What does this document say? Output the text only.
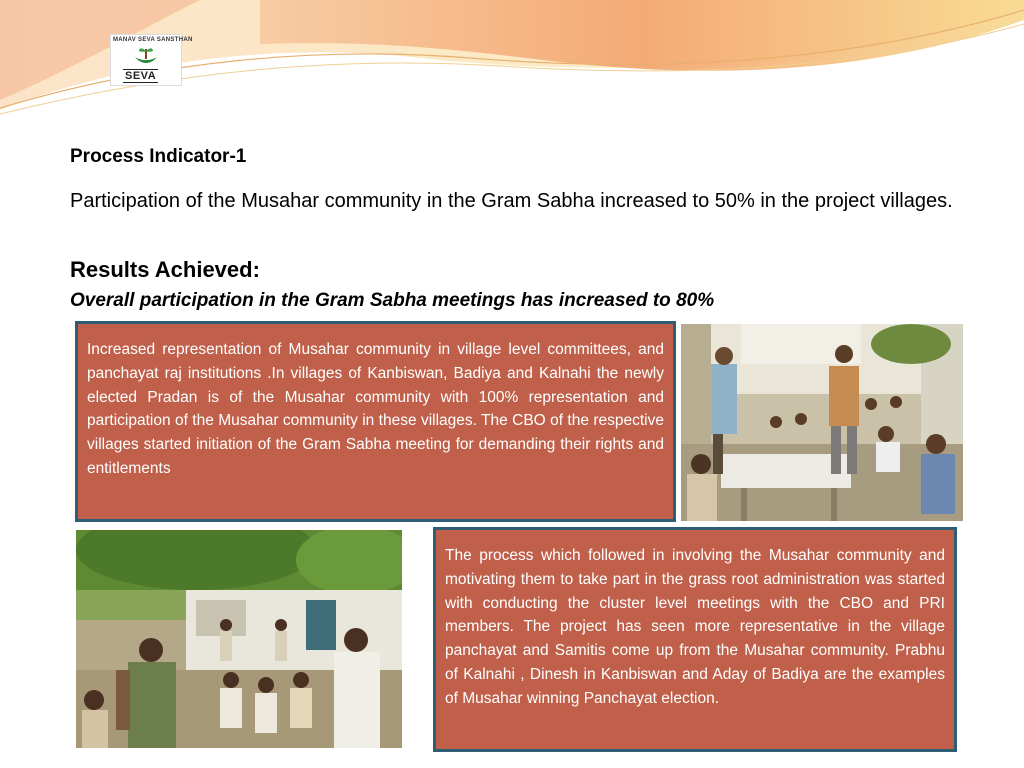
MANAV SEVA SANSTHAN
SEVA
Process Indicator-1
Participation of the Musahar community in the Gram Sabha increased to 50% in the project villages.
Results Achieved:
Overall participation in the Gram Sabha meetings has increased to 80%
Increased representation of Musahar community in village level committees, and panchayat raj institutions .In villages of Kanbiswan, Badiya and Kalnahi the newly elected Pradan is of the Musahar community with 100% representation and participation of the Musahar community in these villages. The CBO of the respective villages started initiation of the Gram Sabha meeting for demanding their rights and entitlements
The process which followed in involving the Musahar community and motivating them to take part in the grass root administration was started with conducting the cluster level meetings with the CBO and PRI members. The project has seen more representative in the village panchayat and Samitis come up from the Musahar community. Prabhu of Kalnahi , Dinesh in Kanbiswan and Aday of Badiya are the examples of Musahar winning Panchayat election.
